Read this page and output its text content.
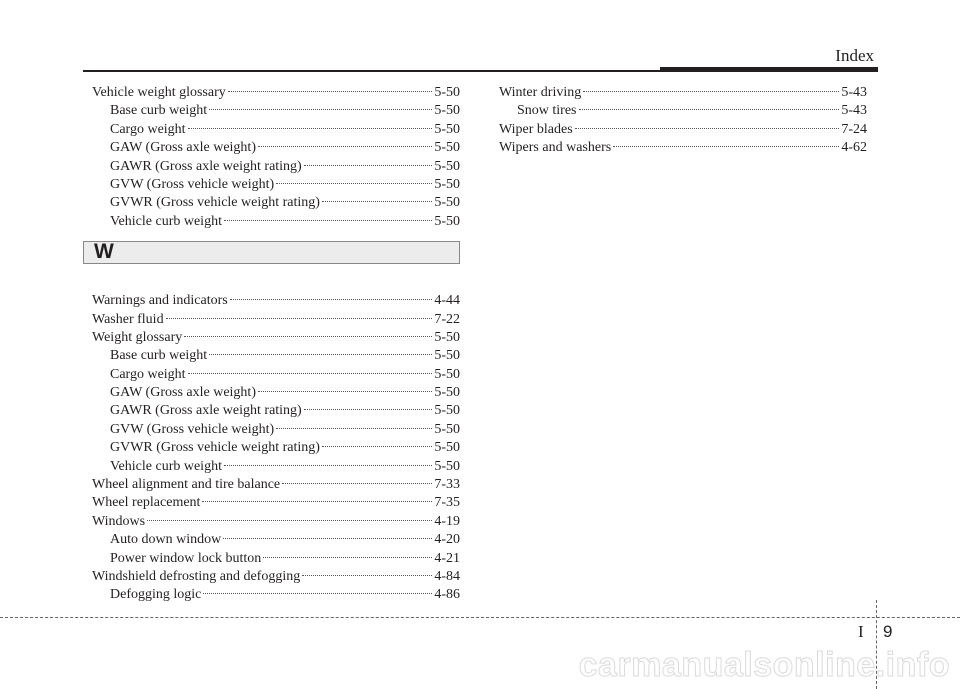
Index
Vehicle weight glossary	5-50
Base curb weight	5-50
Cargo weight	5-50
GAW (Gross axle weight)	5-50
GAWR (Gross axle weight rating)	5-50
GVW (Gross vehicle weight)	5-50
GVWR (Gross vehicle weight rating)	5-50
Vehicle curb weight	5-50
W
Warnings and indicators	4-44
Washer fluid	7-22
Weight glossary	5-50
Base curb weight	5-50
Cargo weight	5-50
GAW (Gross axle weight)	5-50
GAWR (Gross axle weight rating)	5-50
GVW (Gross vehicle weight)	5-50
GVWR (Gross vehicle weight rating)	5-50
Vehicle curb weight	5-50
Wheel alignment and tire balance	7-33
Wheel replacement	7-35
Windows	4-19
Auto down window	4-20
Power window lock button	4-21
Windshield defrosting and defogging	4-84
Defogging logic	4-86
Winter driving	5-43
Snow tires	5-43
Wiper blades	7-24
Wipers and washers	4-62
I 9
carmanualsonline.info
